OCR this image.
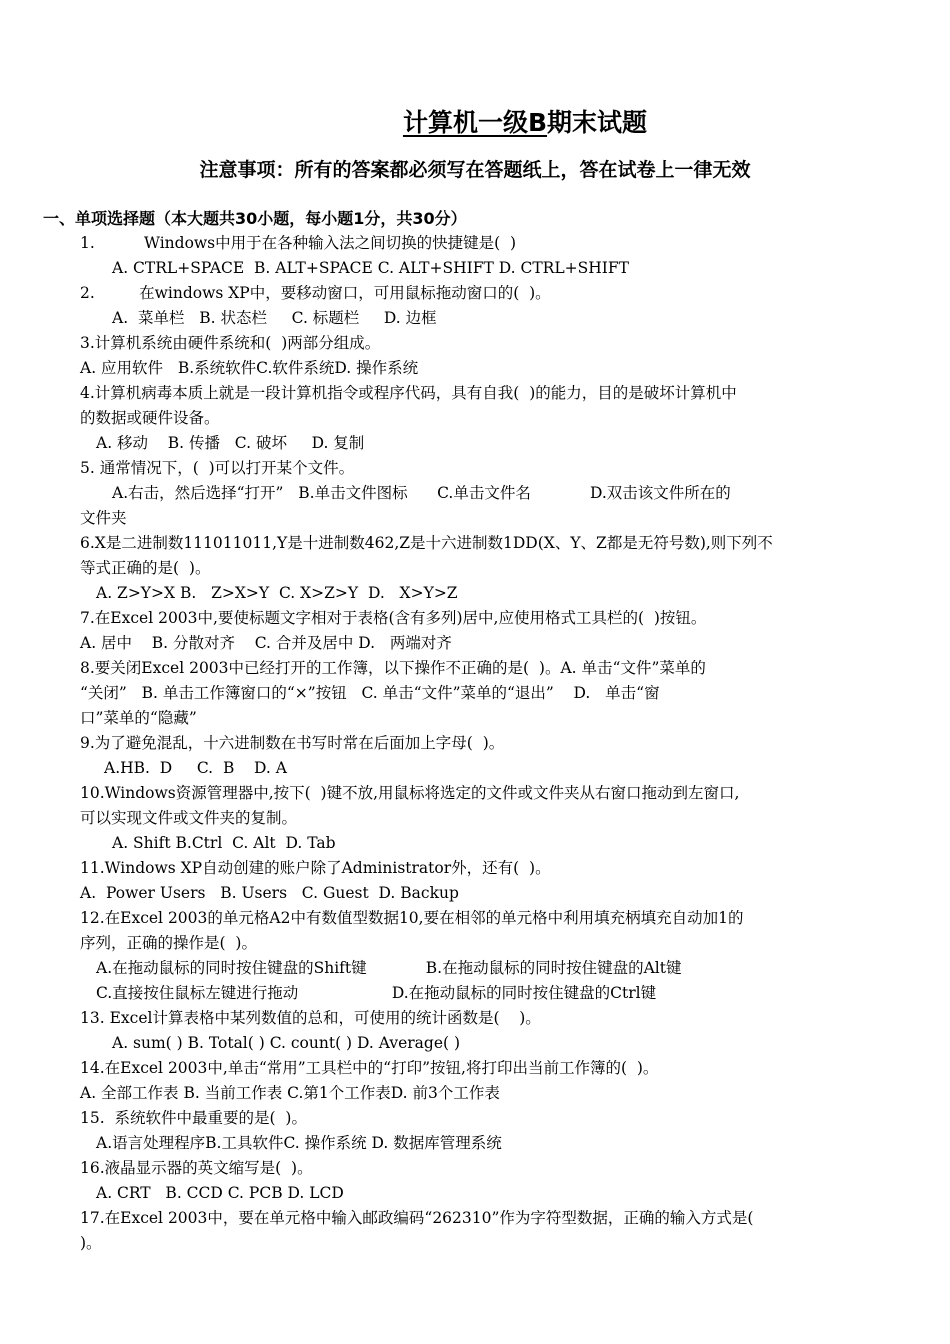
计算机一级B期末试题
注意事项：所有的答案都必须写在答题纸上，答在试卷上一律无效
一、单项选择题（本大题共30小题，每小题1分，共30分）
1.          Windows中用于在各种输入法之间切换的快捷键是(  )
A. CTRL+SPACE  B. ALT+SPACE C. ALT+SHIFT D. CTRL+SHIFT
2.         在windows XP中，要移动窗口，可用鼠标拖动窗口的(  )。
A.  菜单栏   B. 状态栏     C. 标题栏     D. 边框
3.计算机系统由硬件系统和(  )两部分组成。
A. 应用软件   B.系统软件C.软件系统D. 操作系统
4.计算机病毒本质上就是一段计算机指令或程序代码，具有自我(  )的能力，目的是破坏计算机中
的数据或硬件设备。
A. 移动    B. 传播   C. 破坏     D. 复制
5. 通常情况下，(  )可以打开某个文件。
A.右击，然后选择“打开”   B.单击文件图标      C.单击文件名            D.双击该文件所在的
文件夹
6.X是二进制数111011011,Y是十进制数462,Z是十六进制数1DD(X、Y、Z都是无符号数),则下列不
等式正确的是(  )。
A. Z>Y>X B.   Z>X>Y  C. X>Z>Y  D.   X>Y>Z
7.在Excel 2003中,要使标题文字相对于表格(含有多列)居中,应使用格式工具栏的(  )按钮。
A. 居中    B. 分散对齐    C. 合并及居中 D.   两端对齐
8.要关闭Excel 2003中已经打开的工作簿，以下操作不正确的是(  )。A. 单击“文件”菜单的
“关闭”   B. 单击工作簿窗口的“×”按钮   C. 单击“文件”菜单的“退出”    D.   单击“窗
口”菜单的“隐藏”
9.为了避免混乱，十六进制数在书写时常在后面加上字母(  )。
A.HB.  D     C.  B    D. A
10.Windows资源管理器中,按下(  )键不放,用鼠标将选定的文件或文件夹从右窗口拖动到左窗口,
可以实现文件或文件夹的复制。
A. Shift B.Ctrl  C. Alt  D. Tab
11.Windows XP自动创建的账户除了Administrator外，还有(  )。
A.  Power Users   B. Users   C. Guest  D. Backup
12.在Excel 2003的单元格A2中有数值型数据10,要在相邻的单元格中利用填充柄填充自动加1的
序列，正确的操作是(  )。
A.在拖动鼠标的同时按住键盘的Shift键            B.在拖动鼠标的同时按住键盘的Alt键
C.直接按住鼠标左键进行拖动                   D.在拖动鼠标的同时按住键盘的Ctrl键
13. Excel计算表格中某列数值的总和，可使用的统计函数是(    )。
A. sum( ) B. Total( ) C. count( ) D. Average( )
14.在Excel 2003中,单击“常用”工具栏中的“打印”按钮,将打印出当前工作簿的(  )。
A. 全部工作表 B. 当前工作表 C.第1个工作表D. 前3个工作表
15.  系统软件中最重要的是(  )。
A.语言处理程序B.工具软件C. 操作系统 D. 数据库管理系统
16.液晶显示器的英文缩写是(  )。
A. CRT   B. CCD C. PCB D. LCD
17.在Excel 2003中，要在单元格中输入邮政编码“262310”作为字符型数据，正确的输入方式是(
)。
